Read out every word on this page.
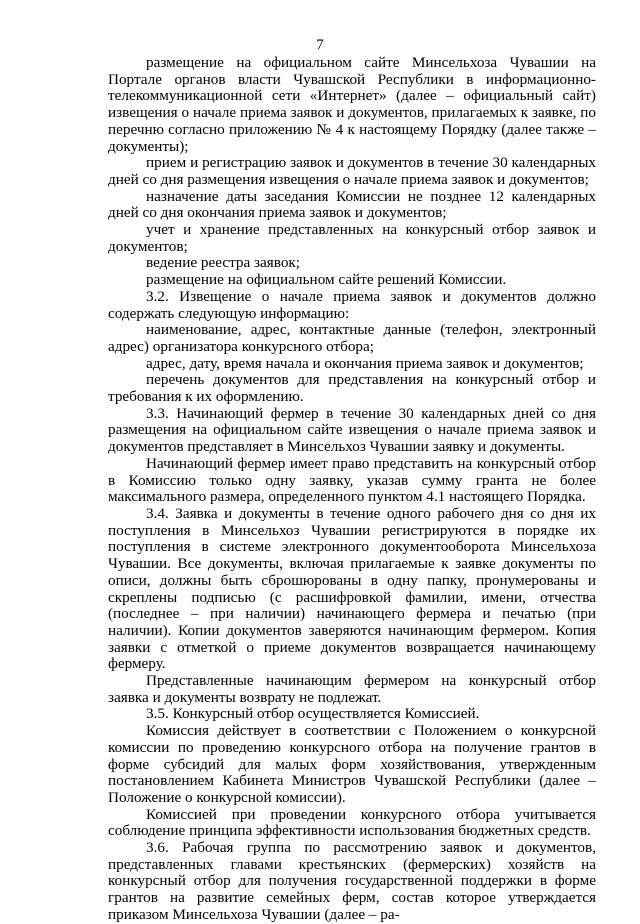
7

размещение на официальном сайте Минсельхоза Чувашии на Портале органов власти Чувашской Республики в информационно-телекоммуникационной сети «Интернет» (далее – официальный сайт) извещения о начале приема заявок и документов, прилагаемых к заявке, по перечню согласно приложению № 4 к настоящему Порядку (далее также – документы);

прием и регистрацию заявок и документов в течение 30 календарных дней со дня размещения извещения о начале приема заявок и документов;

назначение даты заседания Комиссии не позднее 12 календарных дней со дня окончания приема заявок и документов;

учет и хранение представленных на конкурсный отбор заявок и документов;

ведение реестра заявок;

размещение на официальном сайте решений Комиссии.

3.2. Извещение о начале приема заявок и документов должно содержать следующую информацию:

наименование, адрес, контактные данные (телефон, электронный адрес) организатора конкурсного отбора;

адрес, дату, время начала и окончания приема заявок и документов;

перечень документов для представления на конкурсный отбор и требования к их оформлению.

3.3. Начинающий фермер в течение 30 календарных дней со дня размещения на официальном сайте извещения о начале приема заявок и документов представляет в Минсельхоз Чувашии заявку и документы.

Начинающий фермер имеет право представить на конкурсный отбор в Комиссию только одну заявку, указав сумму гранта не более максимального размера, определенного пунктом 4.1 настоящего Порядка.

3.4. Заявка и документы в течение одного рабочего дня со дня их поступления в Минсельхоз Чувашии регистрируются в порядке их поступления в системе электронного документооборота Минсельхоза Чувашии. Все документы, включая прилагаемые к заявке документы по описи, должны быть сброшюрованы в одну папку, пронумерованы и скреплены подписью (с расшифровкой фамилии, имени, отчества (последнее – при наличии) начинающего фермера и печатью (при наличии). Копии документов заверяются начинающим фермером. Копия заявки с отметкой о приеме документов возвращается начинающему фермеру.

Представленные начинающим фермером на конкурсный отбор заявка и документы возврату не подлежат.

3.5. Конкурсный отбор осуществляется Комиссией.

Комиссия действует в соответствии с Положением о конкурсной комиссии по проведению конкурсного отбора на получение грантов в форме субсидий для малых форм хозяйствования, утвержденным постановлением Кабинета Министров Чувашской Республики (далее – Положение о конкурсной комиссии).

Комиссией при проведении конкурсного отбора учитывается соблюдение принципа эффективности использования бюджетных средств.

3.6. Рабочая группа по рассмотрению заявок и документов, представленных главами крестьянских (фермерских) хозяйств на конкурсный отбор для получения государственной поддержки в форме грантов на развитие семейных ферм, состав которое утверждается приказом Минсельхоза Чувашии (далее – ра-
